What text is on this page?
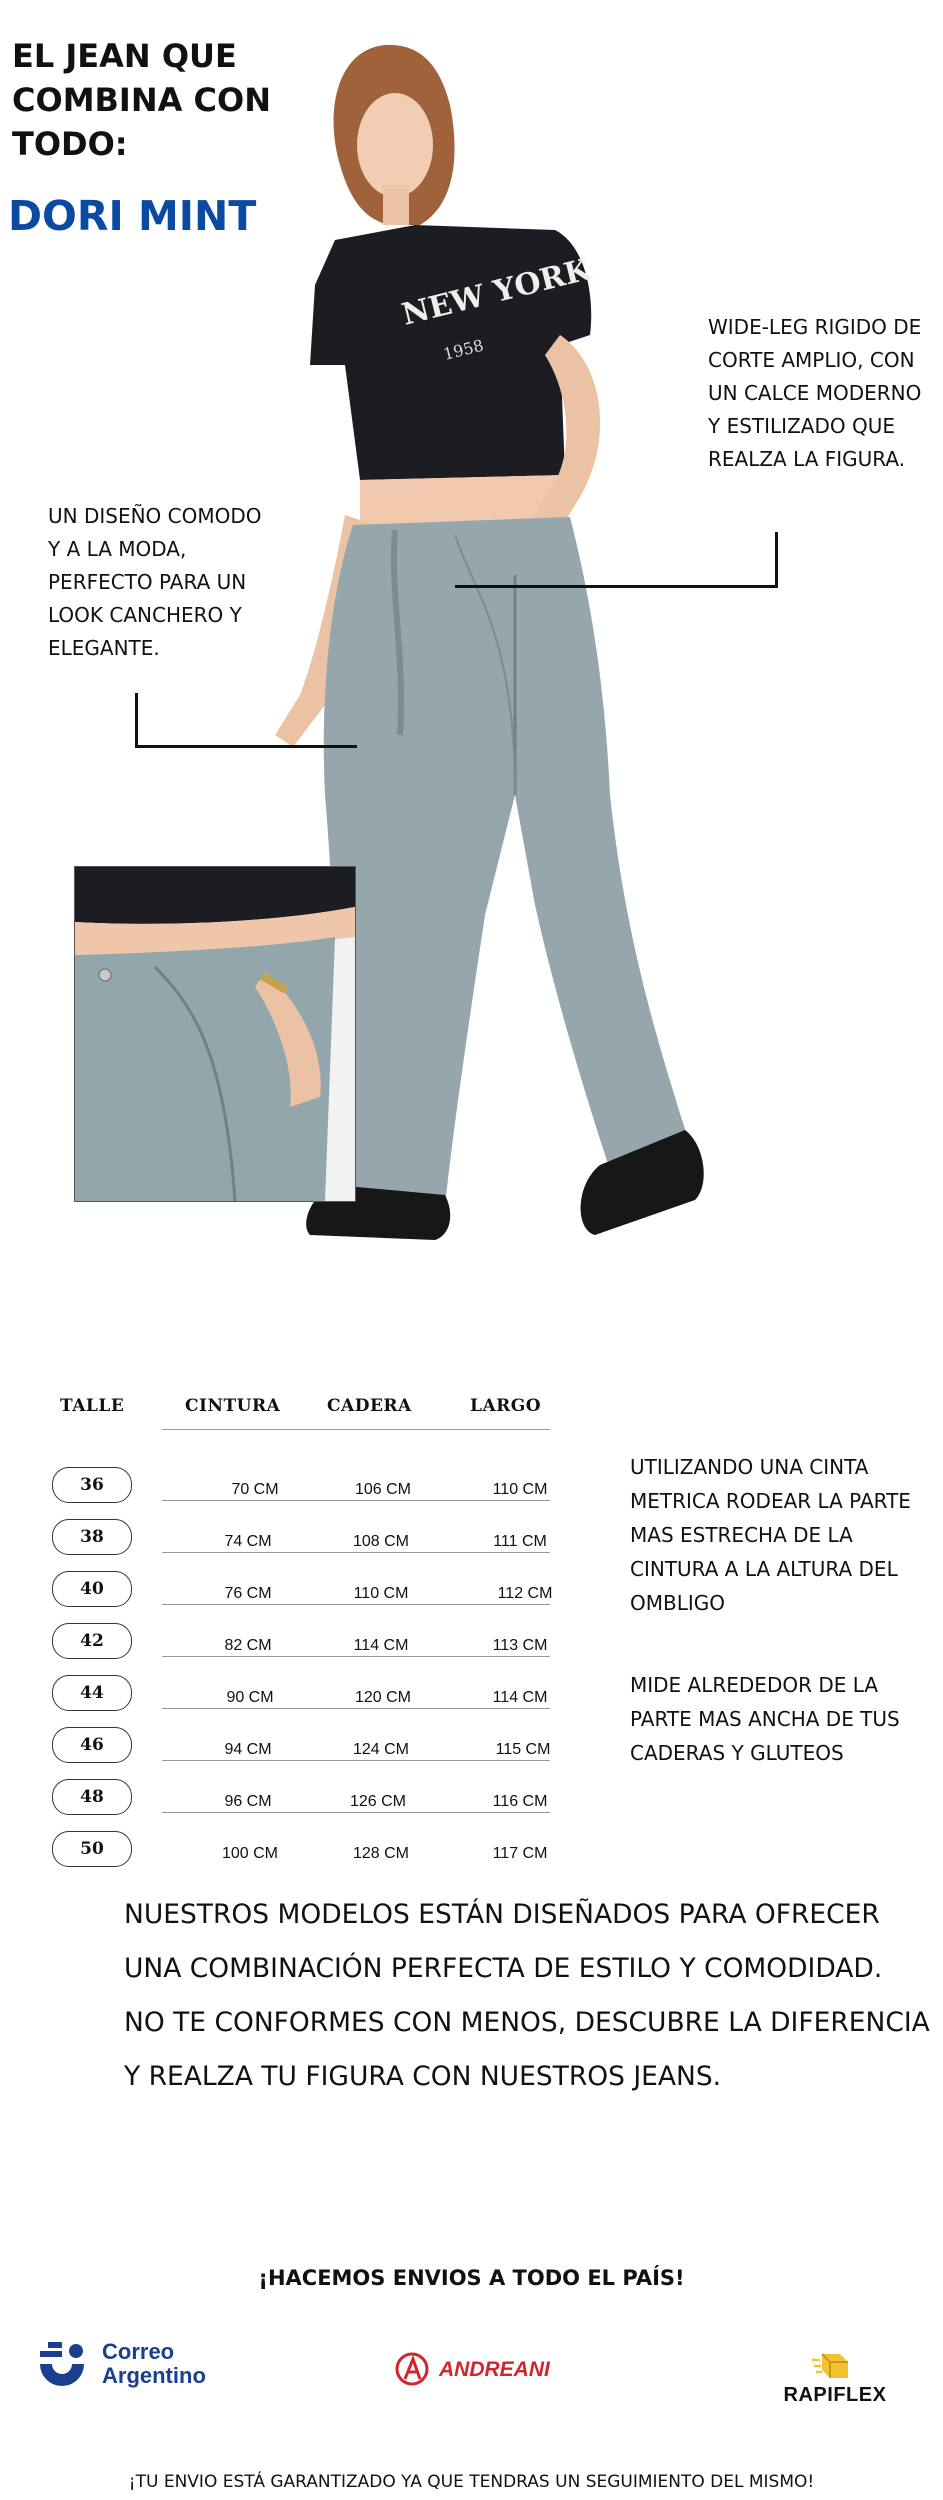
EL JEAN QUE
COMBINA CON
TODO:
DORI MINT
NEW YORK
1958
WIDE-LEG RIGIDO DE CORTE AMPLIO, CON UN CALCE MODERNO Y ESTILIZADO QUE REALZA LA FIGURA.
UN DISEÑO COMODO Y A LA MODA, PERFECTO PARA UN LOOK CANCHERO Y ELEGANTE.
TALLE	CINTURA	CADERA	LARGO
36	70 CM	106 CM	110 CM
38	74 CM	108 CM	111 CM
40	76 CM	110 CM	112 CM
42	82 CM	114 CM	113 CM
44	90 CM	120 CM	114 CM
46	94 CM	124 CM	115 CM
48	96 CM	126 CM	116 CM
50	100 CM	128 CM	117 CM
UTILIZANDO UNA CINTA METRICA RODEAR LA PARTE MAS ESTRECHA DE LA CINTURA A LA ALTURA DEL OMBLIGO
MIDE ALREDEDOR DE LA PARTE MAS ANCHA DE TUS CADERAS Y GLUTEOS
NUESTROS MODELOS ESTÁN DISEÑADOS PARA OFRECER
UNA COMBINACIÓN PERFECTA DE ESTILO Y COMODIDAD.
NO TE CONFORMES CON MENOS, DESCUBRE LA DIFERENCIA
Y REALZA TU FIGURA CON NUESTROS JEANS.
¡HACEMOS ENVIOS A TODO EL PAÍS!
Correo
Argentino	ANDREANI
RAPIFLEX
¡TU ENVIO ESTÁ GARANTIZADO YA QUE TENDRAS UN SEGUIMIENTO DEL MISMO!
